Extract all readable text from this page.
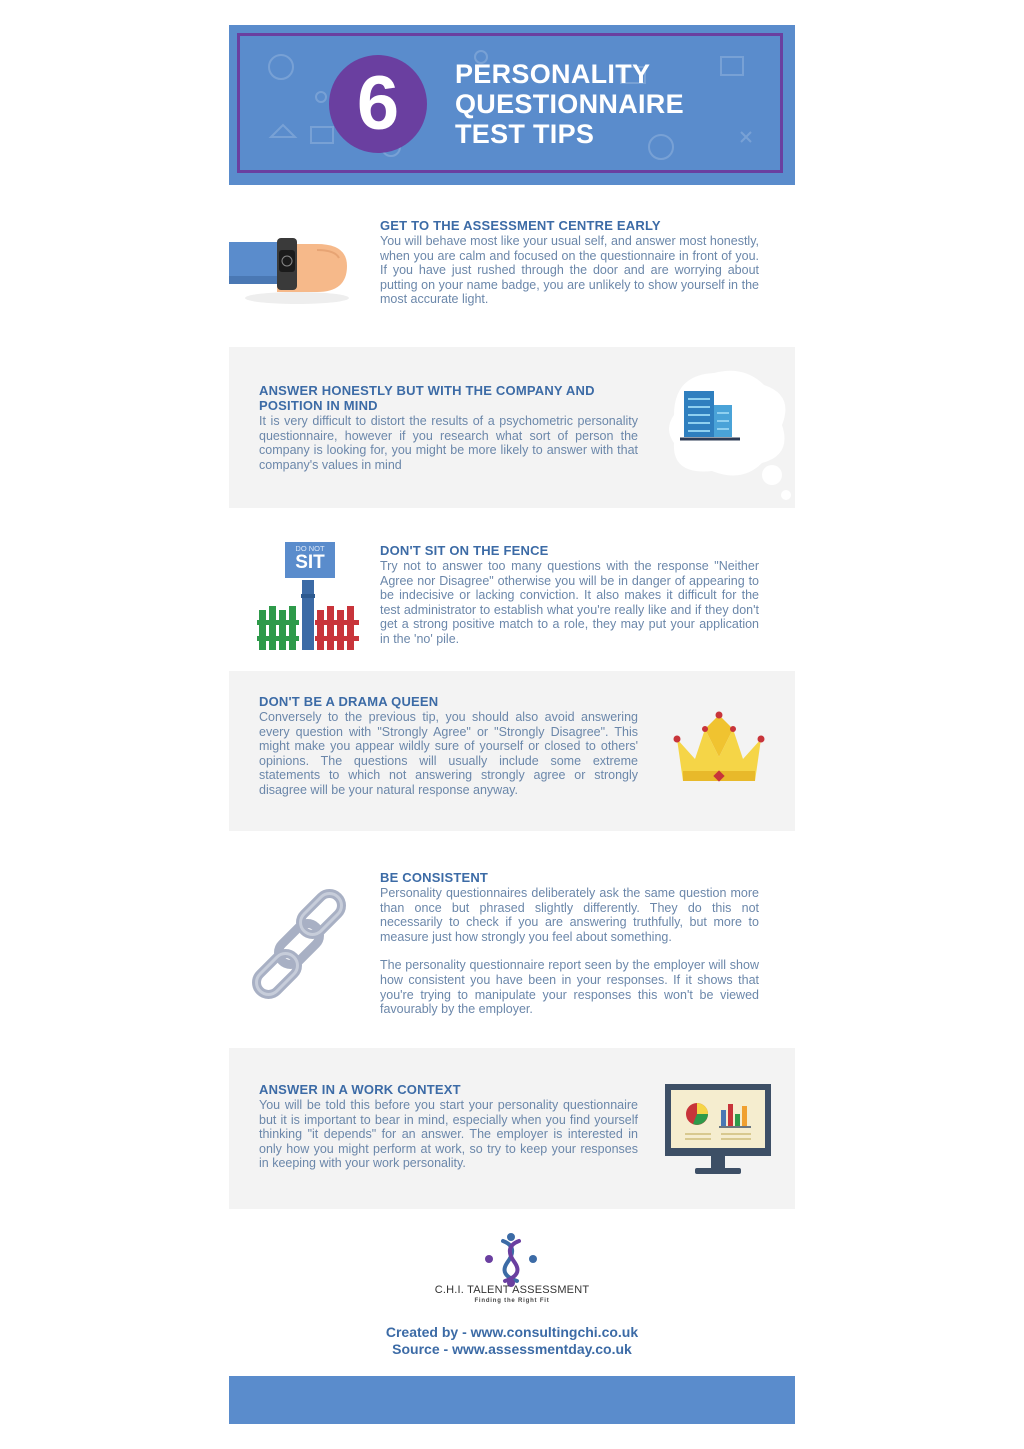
6	PERSONALITY
QUESTIONNAIRE
TEST TIPS
GET TO THE ASSESSMENT CENTRE EARLY

You will behave most like your usual self, and answer most honestly, when you are calm and focused on the questionnaire in front of you. If you have just rushed through the door and are worrying about putting on your name badge, you are unlikely to show yourself in the most accurate light.

ANSWER HONESTLY BUT WITH THE COMPANY AND POSITION IN MIND

It is very difficult to distort the results of a psychometric personality questionnaire, however if you research what sort of person the company is looking for, you might be more likely to answer with that company's values in mind

DO NOT
SIT
DON'T SIT ON THE FENCE

Try not to answer too many questions with the response "Neither Agree nor Disagree" otherwise you will be in danger of appearing to be indecisive or lacking conviction. It also makes it difficult for the test administrator to establish what you're really like and if they don't get a strong positive match to a role, they may put your application in the 'no' pile.

DON'T BE A DRAMA QUEEN

Conversely to the previous tip, you should also avoid answering every question with "Strongly Agree" or "Strongly Disagree". This might make you appear wildly sure of yourself or closed to others' opinions. The questions will usually include some extreme statements to which not answering strongly agree or strongly disagree will be your natural response anyway.

BE CONSISTENT

Personality questionnaires deliberately ask the same question more than once but phrased slightly differently. They do this not necessarily to check if you are answering truthfully, but more to measure just how strongly you feel about something.

The personality questionnaire report seen by the employer will show how consistent you have been in your responses. If it shows that you're trying to manipulate your responses this won't be viewed favourably by the employer.

ANSWER IN A WORK CONTEXT

You will be told this before you start your personality questionnaire but it is important to bear in mind, especially when you find yourself thinking "it depends" for an answer. The employer is interested in only how you might perform at work, so try to keep your responses in keeping with your work personality.

C.H.I. TALENT ASSESSMENT
Finding the Right Fit
Created by - www.consultingchi.co.uk
Source - www.assessmentday.co.uk
